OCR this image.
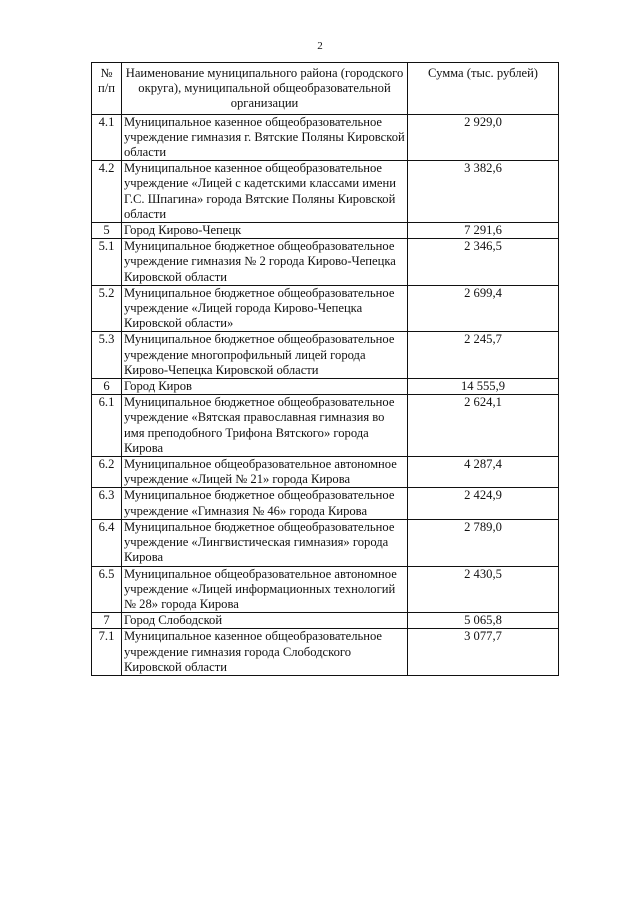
2
№ п/п	Наименование муниципального района (городского округа), муниципальной общеобразовательной организации	Сумма (тыс. рублей)
4.1	Муниципальное казенное общеобразовательное учреждение гимназия г. Вятские Поляны Кировской области	2 929,0
4.2	Муниципальное казенное общеобразовательное учреждение «Лицей с кадетскими классами имени Г.С. Шпагина» города Вятские Поляны Кировской области	3 382,6
5	Город Кирово-Чепецк	7 291,6
5.1	Муниципальное бюджетное общеобразовательное учреждение гимназия № 2 города Кирово-Чепецка Кировской области	2 346,5
5.2	Муниципальное бюджетное общеобразовательное учреждение «Лицей города Кирово-Чепецка Кировской области»	2 699,4
5.3	Муниципальное бюджетное общеобразовательное учреждение многопрофильный лицей города Кирово-Чепецка Кировской области	2 245,7
6	Город Киров	14 555,9
6.1	Муниципальное бюджетное общеобразовательное учреждение «Вятская православная гимназия во имя преподобного Трифона Вятского» города Кирова	2 624,1
6.2	Муниципальное общеобразовательное автономное учреждение «Лицей № 21» города Кирова	4 287,4
6.3	Муниципальное бюджетное общеобразовательное учреждение «Гимназия № 46» города Кирова	2 424,9
6.4	Муниципальное бюджетное общеобразовательное учреждение «Лингвистическая гимназия» города Кирова	2 789,0
6.5	Муниципальное общеобразовательное автономное учреждение «Лицей информационных технологий № 28» города Кирова	2 430,5
7	Город Слободской	5 065,8
7.1	Муниципальное казенное общеобразовательное учреждение гимназия города Слободского Кировской области	3 077,7
